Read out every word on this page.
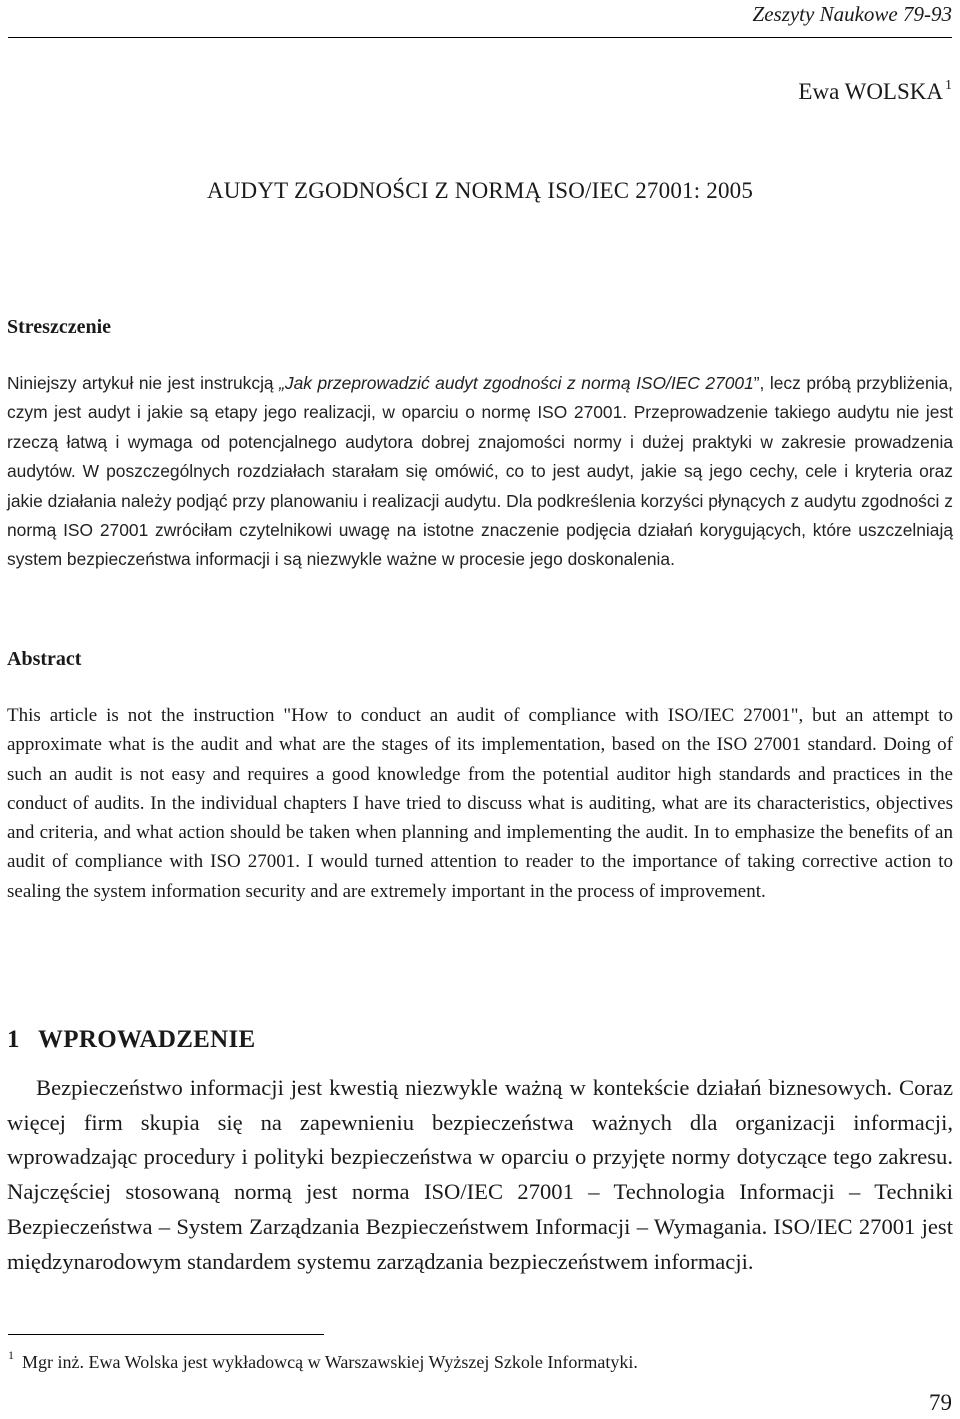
Zeszyty Naukowe 79-93
Ewa WOLSKA $^1$
AUDYT ZGODNOŚCI Z NORMĄ ISO/IEC 27001: 2005
Streszczenie

Niniejszy artykuł nie jest instrukcją „Jak przeprowadzić audyt zgodności z normą ISO/IEC 27001”, lecz próbą przybliżenia, czym jest audyt i jakie są etapy jego realizacji, w oparciu o normę ISO 27001. Przeprowadzenie takiego audytu nie jest rzeczą łatwą i wymaga od potencjalnego audytora dobrej znajomości normy i dużej praktyki w zakresie prowadzenia audytów. W poszczególnych rozdziałach starałam się omówić, co to jest audyt, jakie są jego cechy, cele i kryteria oraz jakie działania należy podjąć przy planowaniu i realizacji audytu. Dla podkreślenia korzyści płynących z audytu zgodności z normą ISO 27001 zwróciłam czytelnikowi uwagę na istotne znaczenie podjęcia działań korygujących, które uszczelniają system bezpieczeństwa informacji i są niezwykle ważne w procesie jego doskonalenia.

Abstract

This article is not the instruction "How to conduct an audit of compliance with ISO/IEC 27001", but an attempt to approximate what is the audit and what are the stages of its implementation, based on the ISO 27001 standard. Doing of such an audit is not easy and requires a good knowledge from the potential auditor high standards and practices in the conduct of audits. In the individual chapters I have tried to discuss what is auditing, what are its characteristics, objectives and criteria, and what action should be taken when planning and implementing the audit. In to emphasize the benefits of an audit of compliance with ISO 27001. I would turned attention to reader to the importance of taking corrective action to sealing the system information security and are extremely important in the process of improvement.

1 WPROWADZENIE

Bezpieczeństwo informacji jest kwestią niezwykle ważną w kontekście działań biznesowych. Coraz więcej firm skupia się na zapewnieniu bezpieczeństwa ważnych dla organizacji informacji, wprowadzając procedury i polityki bezpieczeństwa w oparciu o przyjęte normy dotyczące tego zakresu. Najczęściej stosowaną normą jest norma ISO/IEC 27001 – Technologia Informacji – Techniki Bezpieczeństwa – System Zarządzania Bezpieczeństwem Informacji – Wymagania. ISO/IEC 27001 jest międzynarodowym standardem systemu zarządzania bezpieczeństwem informacji.

$^1$ Mgr inż. Ewa Wolska jest wykładowcą w Warszawskiej Wyższej Szkole Informatyki.
79
